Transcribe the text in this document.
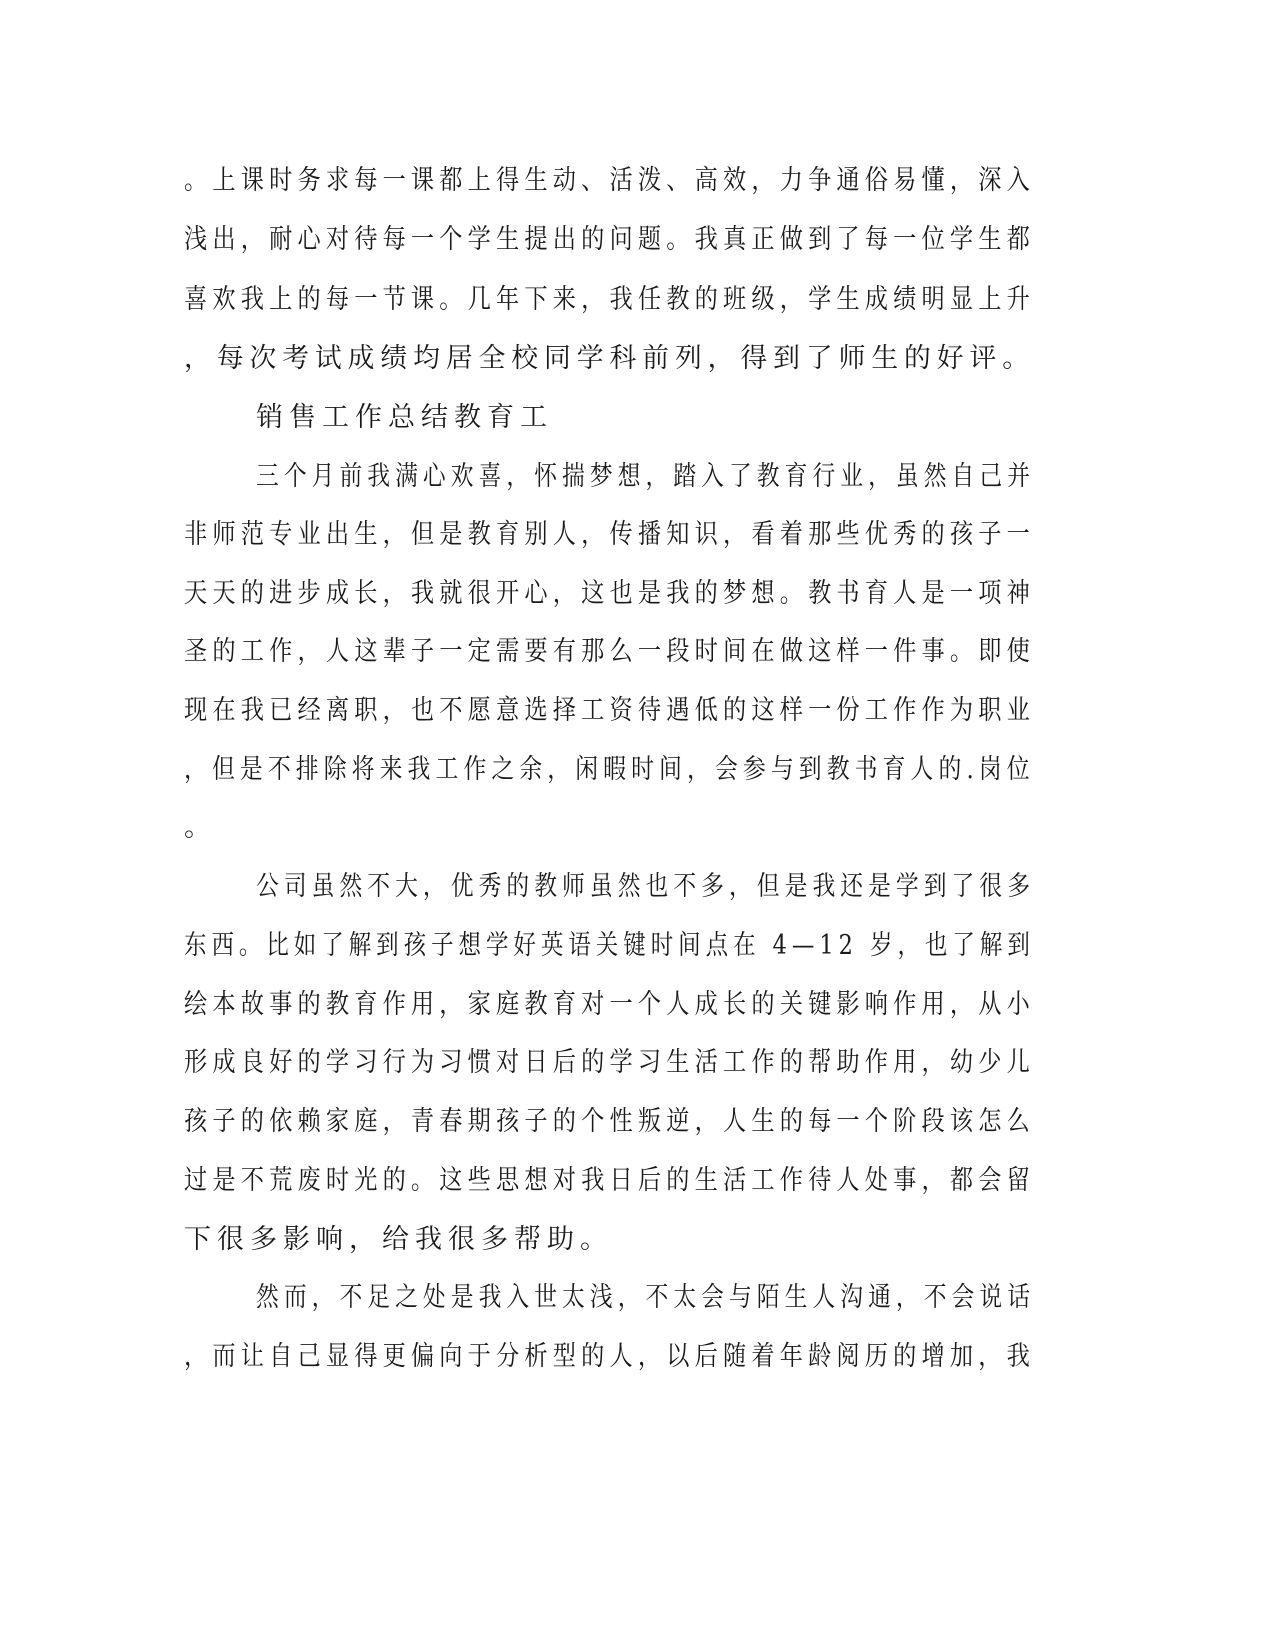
。上课时务求每一课都上得生动、活泼、高效，力争通俗易懂，深入

浅出，耐心对待每一个学生提出的问题。我真正做到了每一位学生都

喜欢我上的每一节课。几年下来，我任教的班级，学生成绩明显上升

，每次考试成绩均居全校同学科前列，得到了师生的好评。

销售工作总结教育工

三个月前我满心欢喜，怀揣梦想，踏入了教育行业，虽然自己并

非师范专业出生，但是教育别人，传播知识，看着那些优秀的孩子一

天天的进步成长，我就很开心，这也是我的梦想。教书育人是一项神

圣的工作，人这辈子一定需要有那么一段时间在做这样一件事。即使

现在我已经离职，也不愿意选择工资待遇低的这样一份工作作为职业

，但是不排除将来我工作之余，闲暇时间，会参与到教书育人的.岗位

。

公司虽然不大，优秀的教师虽然也不多，但是我还是学到了很多

东西。比如了解到孩子想学好英语关键时间点在 4—12 岁，也了解到

绘本故事的教育作用，家庭教育对一个人成长的关键影响作用，从小

形成良好的学习行为习惯对日后的学习生活工作的帮助作用，幼少儿

孩子的依赖家庭，青春期孩子的个性叛逆，人生的每一个阶段该怎么

过是不荒废时光的。这些思想对我日后的生活工作待人处事，都会留

下很多影响，给我很多帮助。

然而，不足之处是我入世太浅，不太会与陌生人沟通，不会说话

，而让自己显得更偏向于分析型的人，以后随着年龄阅历的增加，我
